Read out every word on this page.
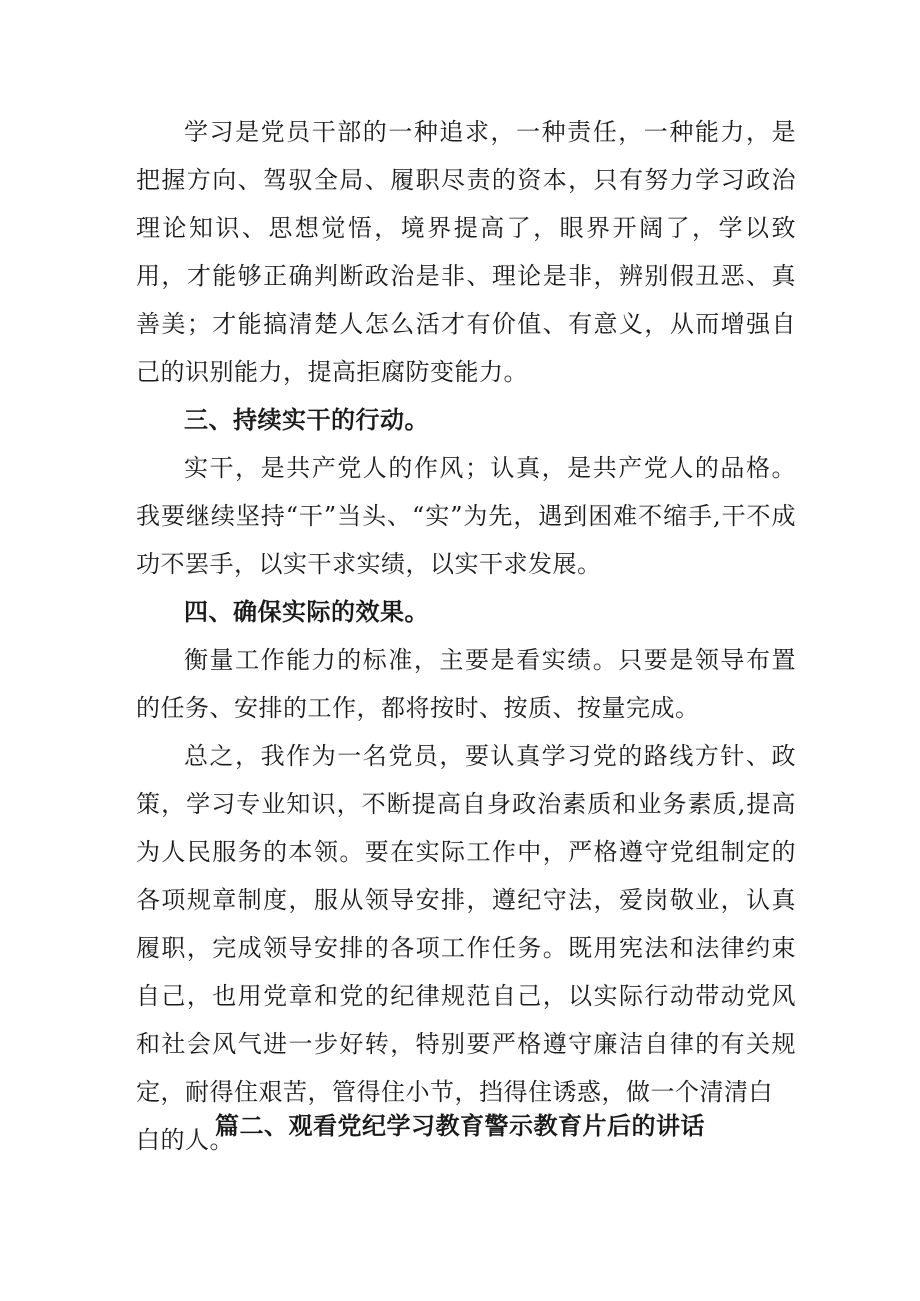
学习是党员干部的一种追求，一种责任，一种能力，是把握方向、驾驭全局、履职尽责的资本，只有努力学习政治理论知识、思想觉悟，境界提高了，眼界开阔了，学以致用，才能够正确判断政治是非、理论是非，辨别假丑恶、真善美；才能搞清楚人怎么活才有价值、有意义，从而增强自己的识别能力，提高拒腐防变能力。

三、持续实干的行动。

实干，是共产党人的作风；认真，是共产党人的品格。我要继续坚持“干”当头、“实”为先，遇到困难不缩手,干不成功不罢手，以实干求实绩，以实干求发展。

四、确保实际的效果。

衡量工作能力的标准，主要是看实绩。只要是领导布置的任务、安排的工作，都将按时、按质、按量完成。

总之，我作为一名党员，要认真学习党的路线方针、政策，学习专业知识，不断提高自身政治素质和业务素质,提高为人民服务的本领。要在实际工作中，严格遵守党组制定的各项规章制度，服从领导安排，遵纪守法，爱岗敬业，认真履职，完成领导安排的各项工作任务。既用宪法和法律约束自己，也用党章和党的纪律规范自己，以实际行动带动党风和社会风气进一步好转，特别要严格遵守廉洁自律的有关规定，耐得住艰苦，管得住小节，挡得住诱惑，做一个清清白

白的人。

篇二、观看党纪学习教育警示教育片后的讲话
